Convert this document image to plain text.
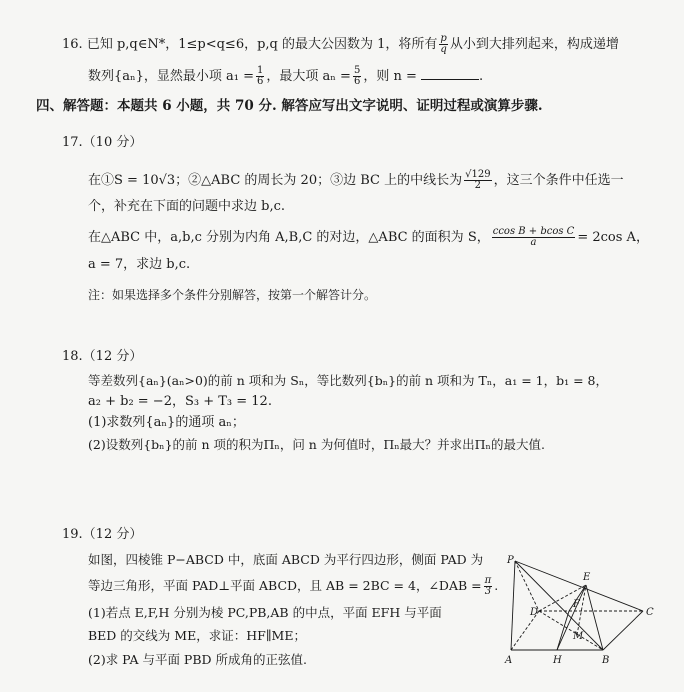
16. 已知 p,q∈N*，1≤p<q≤6，p,q 的最大公因数为 1，将所有 $\frac{p}{q}$ 从小到大排列起来，构成递增
数列{aₙ}，显然最小项 $a_1 = \frac{1}{6}$ ，最大项 $a_n = \frac{5}{6}$ ，则 n =	.
四、解答题：本题共 6 小题，共 70 分. 解答应写出文字说明、证明过程或演算步骤.
17.（10 分）
在①S = 10√3；②△ABC 的周长为 20；③边 BC 上的中线长为 $\frac{√129}{2}$ ，这三个条件中任选一
个，补充在下面的问题中求边 b,c.
在△ABC 中，a,b,c 分别为内角 A,B,C 的对边，△ABC 的面积为 S， $\frac{\text{ccos B + bcos C}}{a} = 2\cos$ A，
a = 7，求边 b,c.
注：如果选择多个条件分别解答，按第一个解答计分。
18.（12 分）
等差数列{aₙ}(aₙ>0)的前 n 项和为 Sₙ，等比数列{bₙ}的前 n 项和为 Tₙ，a₁ = 1，b₁ = 8，
a₂ + b₂ = −2，S₃ + T₃ = 12.
(1)求数列{aₙ}的通项 aₙ；
(2)设数列{bₙ}的前 n 项的积为Πₙ，问 n 为何值时，Πₙ最大？并求出Πₙ的最大值.
19.（12 分）
如图，四棱锥 P−ABCD 中，底面 ABCD 为平行四边形，侧面 PAD 为
等边三角形，平面 PAD⊥平面 ABCD，且 AB = 2BC = 4，∠DAB = $\frac{\pi}{3}$ .
(1)若点 E,F,H 分别为棱 PC,PB,AB 的中点，平面 EFH 与平面
BED 的交线为 ME，求证：HF∥ME；
(2)求 PA 与平面 PBD 所成角的正弦值.
P
E
D
F
C
M
A	H	B
